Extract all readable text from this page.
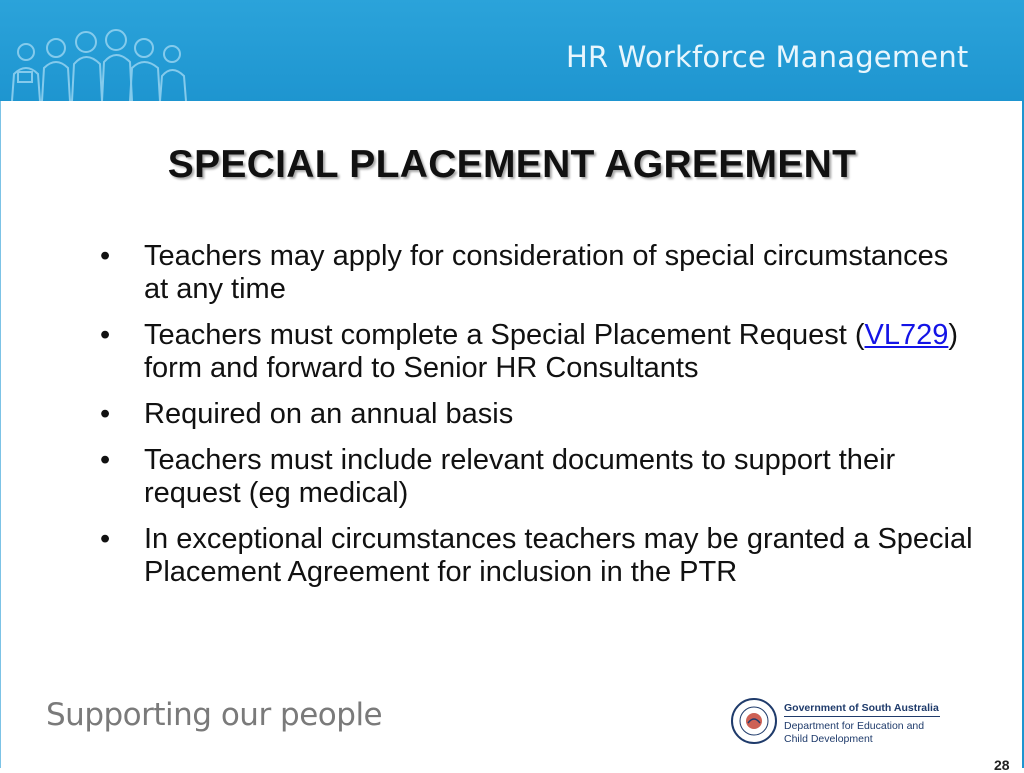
HR Workforce Management
SPECIAL PLACEMENT AGREEMENT
• Teachers may apply for consideration of special circumstances at any time
• Teachers must complete a Special Placement Request (VL729) form and forward to Senior HR Consultants
• Required on an annual basis
• Teachers must include relevant documents to support their request (eg medical)
• In exceptional circumstances teachers may be granted a Special Placement Agreement for inclusion in the PTR
Supporting our people	Government of South Australia
Department for Education and
Child Development
28
